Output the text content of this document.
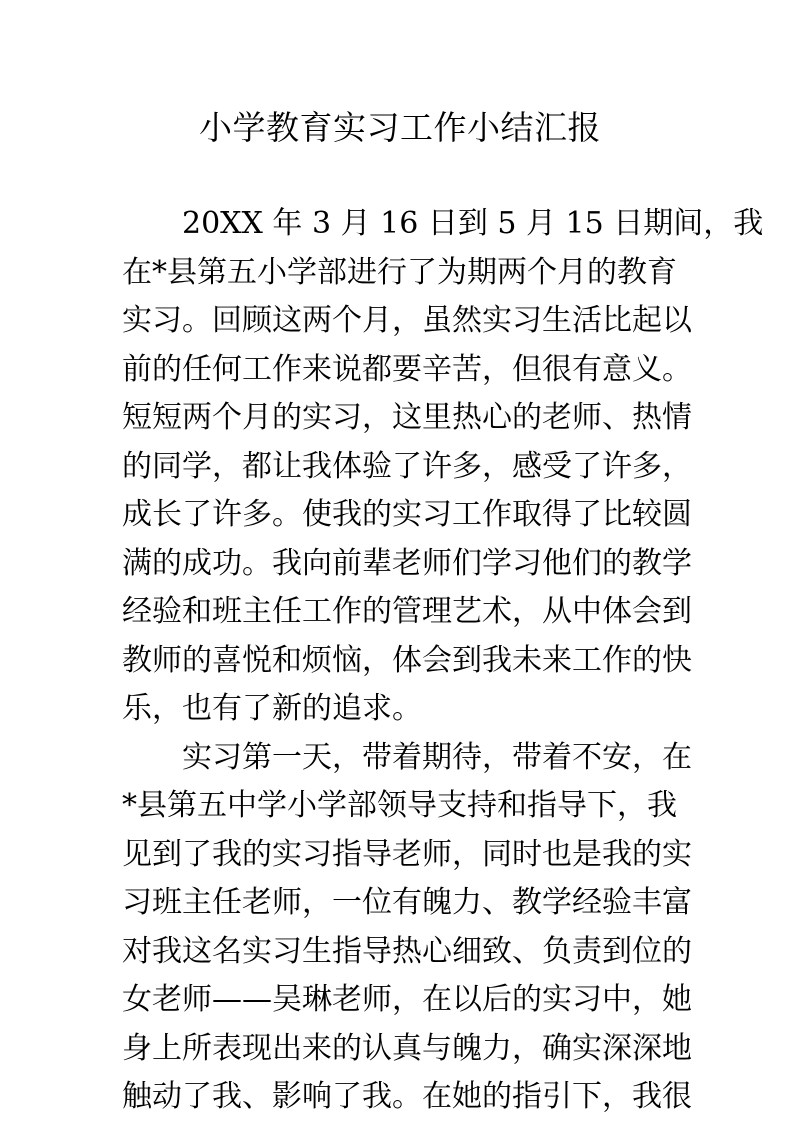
小学教育实习工作小结汇报
20XX 年 3 月 16 日到 5 月 15 日期间，我
在*县第五小学部进行了为期两个月的教育
实习。回顾这两个月，虽然实习生活比起以
前的任何工作来说都要辛苦，但很有意义。
短短两个月的实习，这里热心的老师、热情
的同学，都让我体验了许多，感受了许多，
成长了许多。使我的实习工作取得了比较圆
满的成功。我向前辈老师们学习他们的教学
经验和班主任工作的管理艺术，从中体会到
教师的喜悦和烦恼，体会到我未来工作的快
乐，也有了新的追求。
实习第一天，带着期待，带着不安，在
*县第五中学小学部领导支持和指导下，我
见到了我的实习指导老师，同时也是我的实
习班主任老师，一位有魄力、教学经验丰富
对我这名实习生指导热心细致、负责到位的
女老师——吴琳老师，在以后的实习中，她
身上所表现出来的认真与魄力，确实深深地
触动了我、影响了我。在她的指引下，我很
